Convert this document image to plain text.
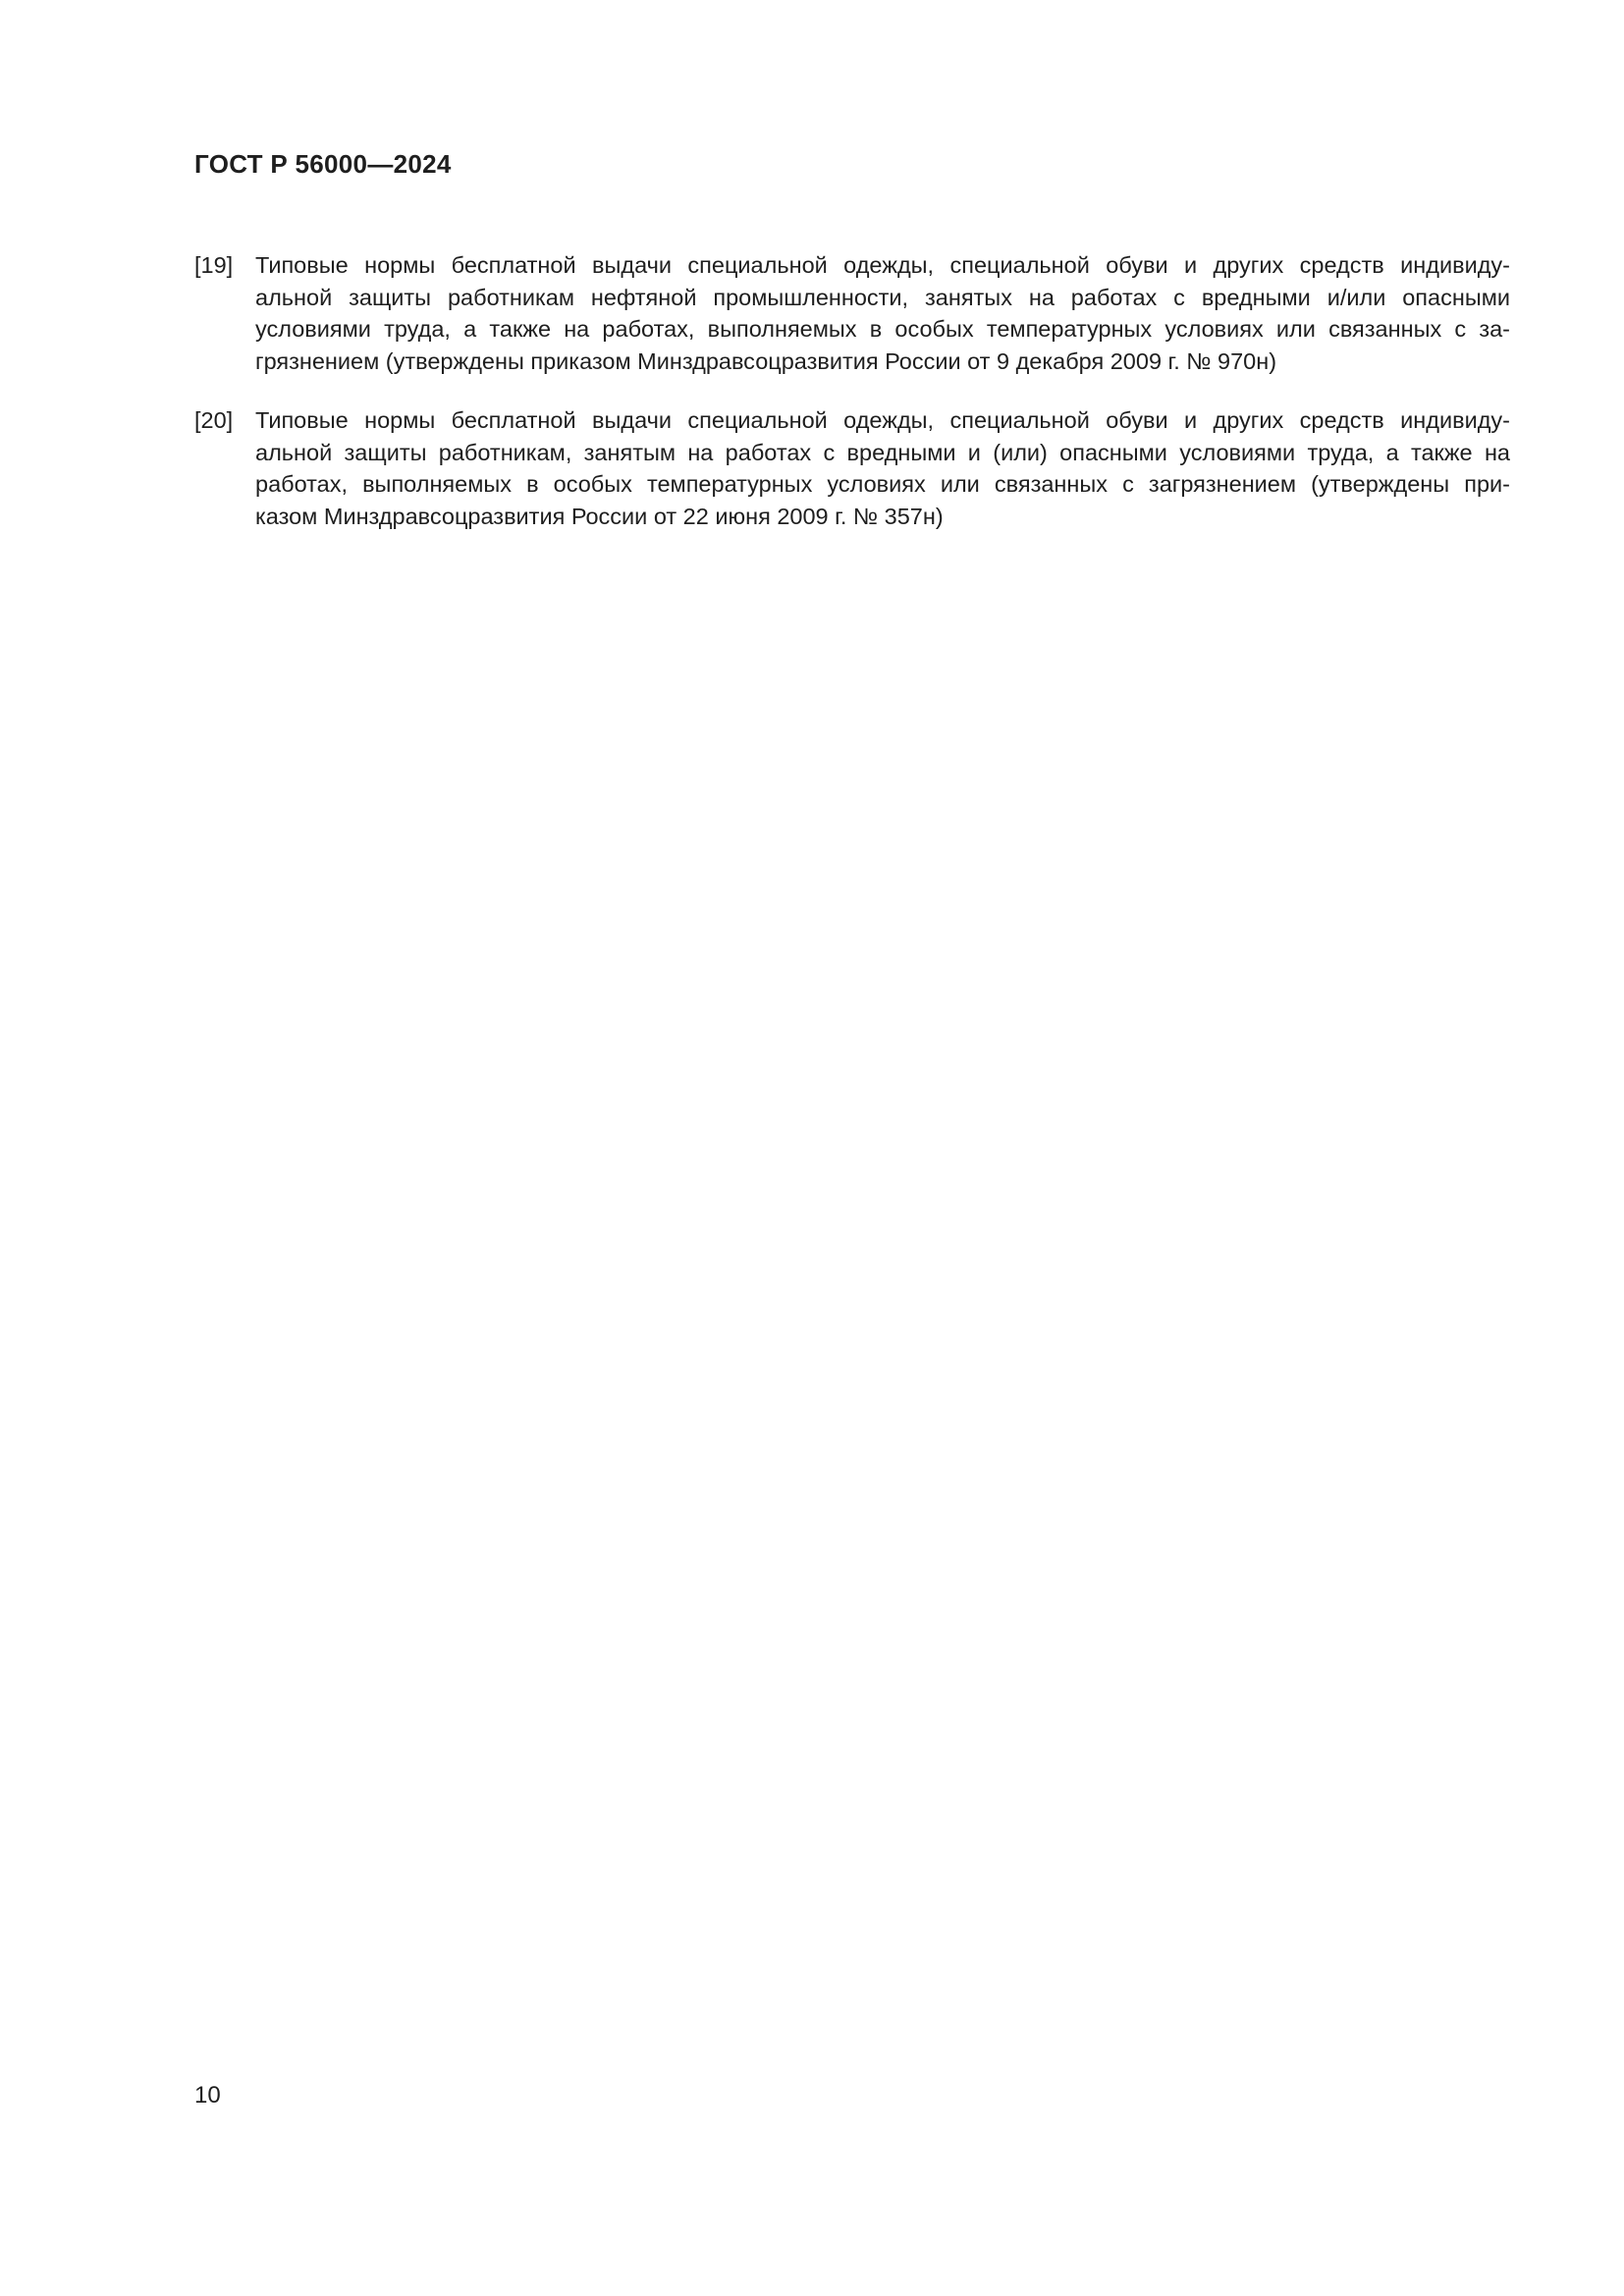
ГОСТ Р 56000—2024
[19] Типовые нормы бесплатной выдачи специальной одежды, специальной обуви и других средств индивиду-
альной защиты работникам нефтяной промышленности, занятых на работах с вредными и/или опасными
условиями труда, а также на работах, выполняемых в особых температурных условиях или связанных с за-
грязнением (утверждены приказом Минздравсоцразвития России от 9 декабря 2009 г. № 970н)
[20] Типовые нормы бесплатной выдачи специальной одежды, специальной обуви и других средств индивиду-
альной защиты работникам, занятым на работах с вредными и (или) опасными условиями труда, а также на
работах, выполняемых в особых температурных условиях или связанных с загрязнением (утверждены при-
казом Минздравсоцразвития России от 22 июня 2009 г. № 357н)
10
